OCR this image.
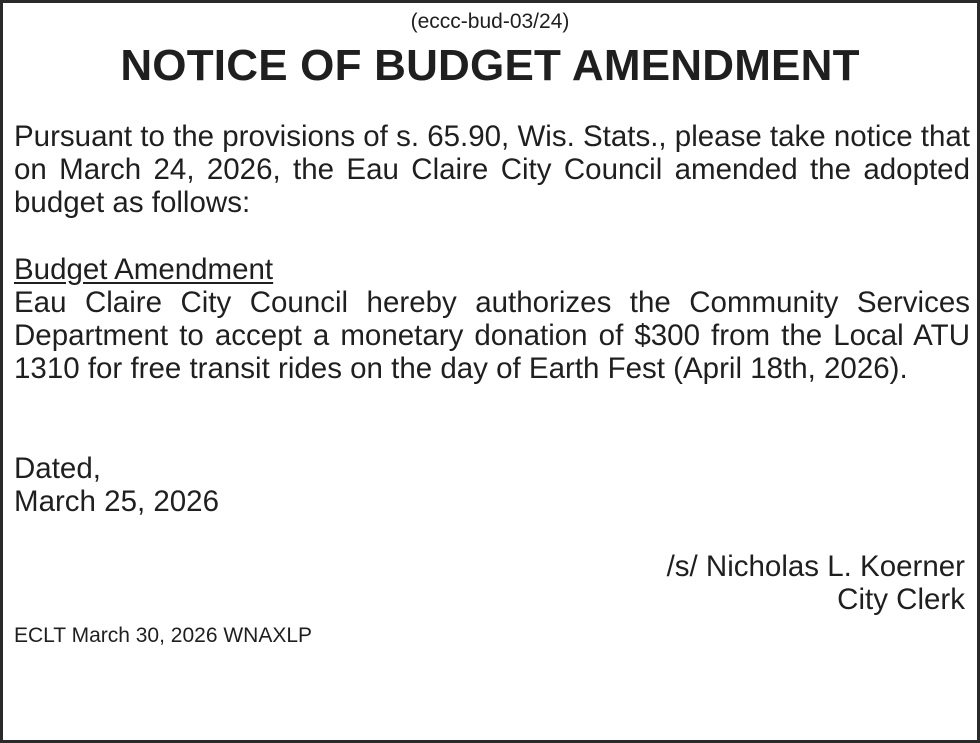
(eccc-bud-03/24)
NOTICE OF BUDGET AMENDMENT

Pursuant to the provisions of s. 65.90, Wis. Stats., please take notice that on March 24, 2026, the Eau Claire City Council amended the adopted budget as follows:

Budget Amendment

Eau Claire City Council hereby authorizes the Community Services Department to accept a monetary donation of $300 from the Local ATU 1310 for free transit rides on the day of Earth Fest (April 18th, 2026).

Dated,
March 25, 2026
/s/ Nicholas L. Koerner
City Clerk
ECLT March 30, 2026 WNAXLP
